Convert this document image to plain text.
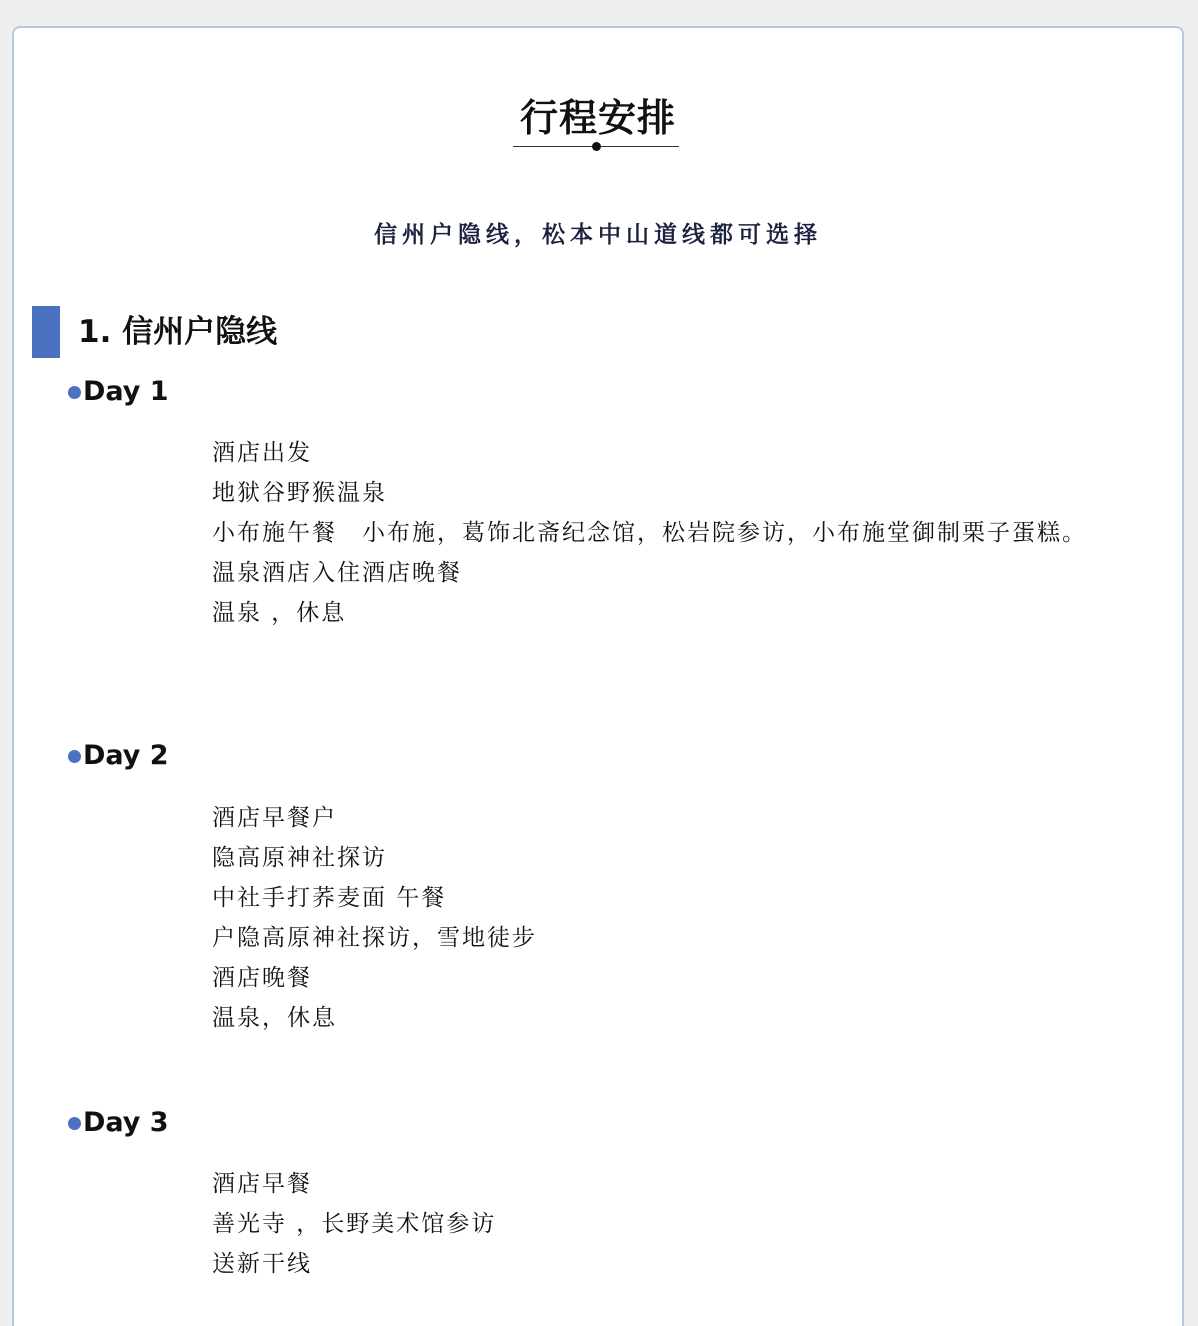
行程安排
信州户隐线，松本中山道线都可选择
1. 信州户隐线
Day 1
酒店出发
地狱谷野猴温泉
小布施午餐　小布施，葛饰北斋纪念馆，松岩院参访，小布施堂御制栗子蛋糕。
温泉酒店入住酒店晚餐
温泉 ，休息
Day 2
酒店早餐户
隐高原神社探访
中社手打荞麦面 午餐
户隐高原神社探访，雪地徒步
酒店晚餐
温泉，休息
Day 3
酒店早餐
善光寺 ，长野美术馆参访
送新干线
